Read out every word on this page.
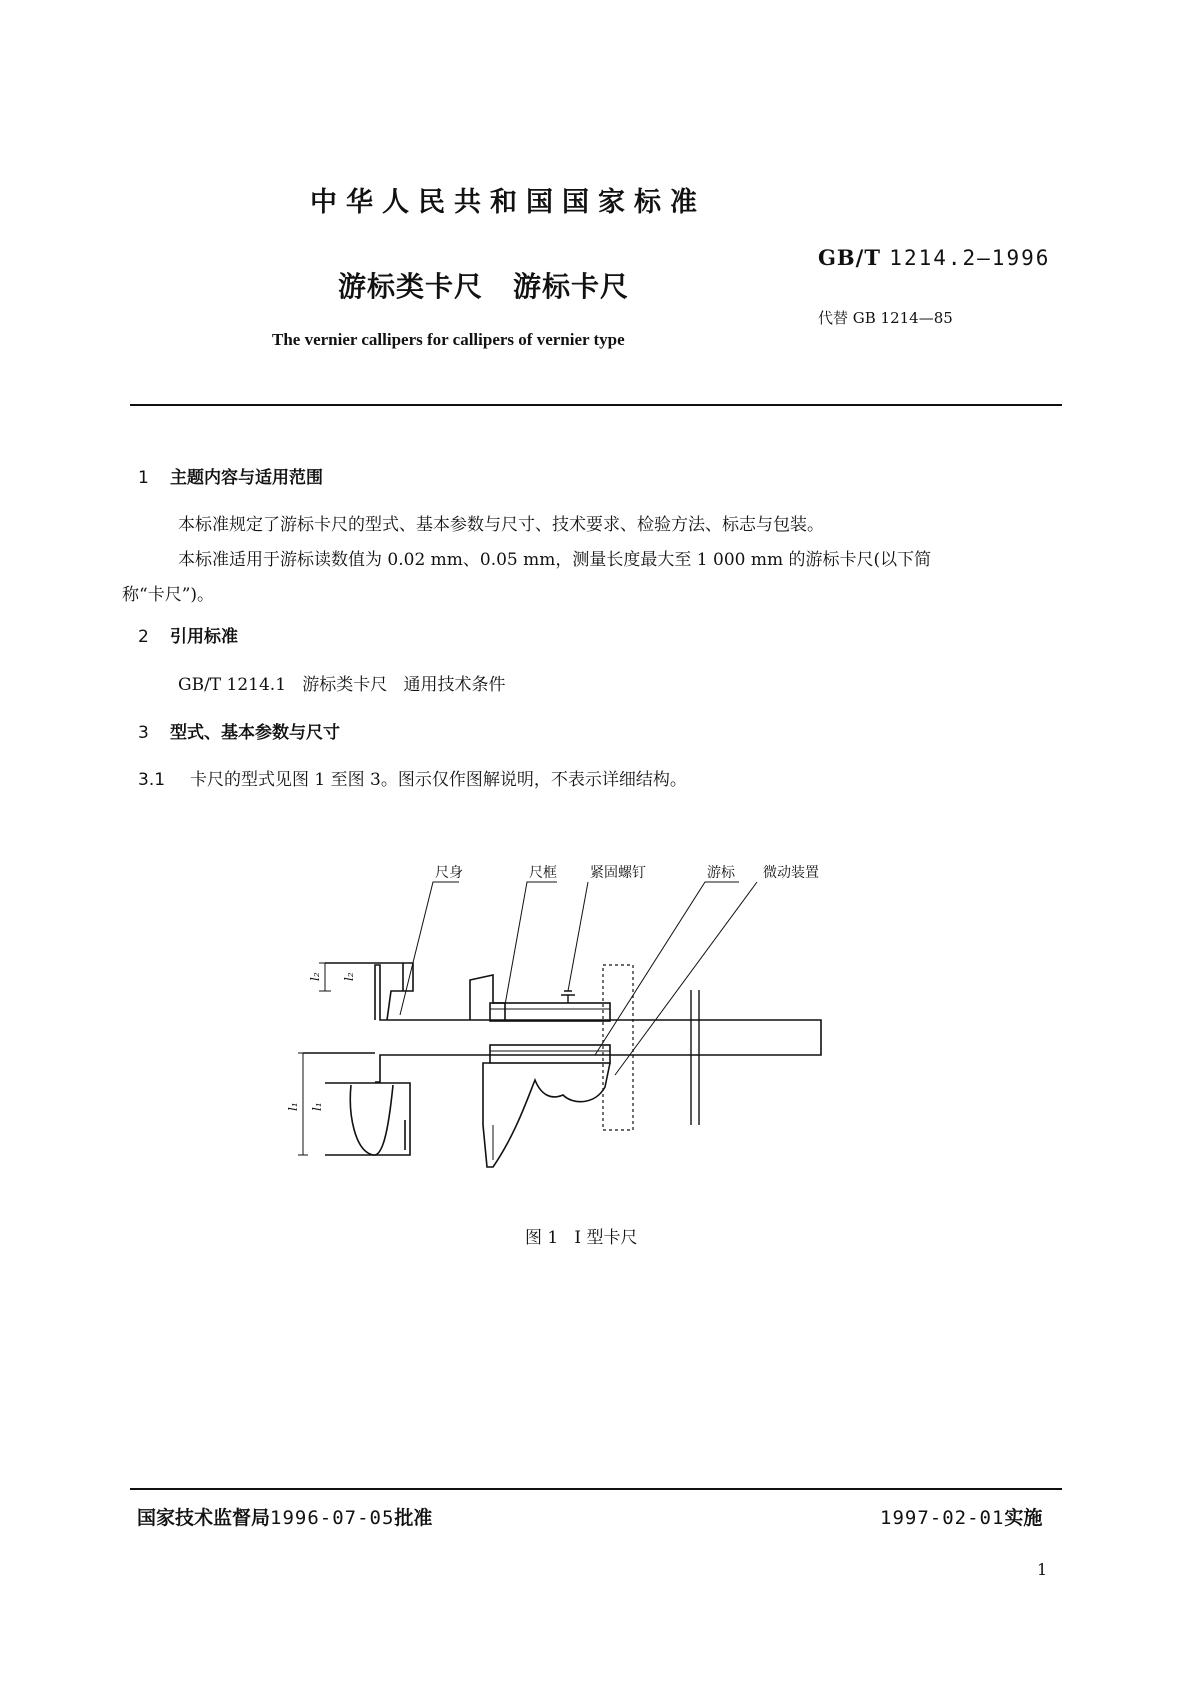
中华人民共和国国家标准
游标类卡尺 游标卡尺
The vernier callipers for callipers of vernier type
GB/T 1214.2—1996
代替 GB 1214—85
1 主题内容与适用范围
本标准规定了游标卡尺的型式、基本参数与尺寸、技术要求、检验方法、标志与包装。
本标准适用于游标读数值为 0.02 mm、0.05 mm，测量长度最大至 1 000 mm 的游标卡尺(以下简
称“卡尺”)。
2 引用标准
GB/T 1214.1   游标类卡尺   通用技术条件
3 型式、基本参数与尺寸
3.1 卡尺的型式见图 1 至图 3。图示仅作图解说明，不表示详细结构。
尺身	尺框 紧固螺钉	游标 微动装置
l₂ l₂
l₁ l₁
图 1   I 型卡尺
国家技术监督局1996-07-05批准	1997-02-01实施
1
